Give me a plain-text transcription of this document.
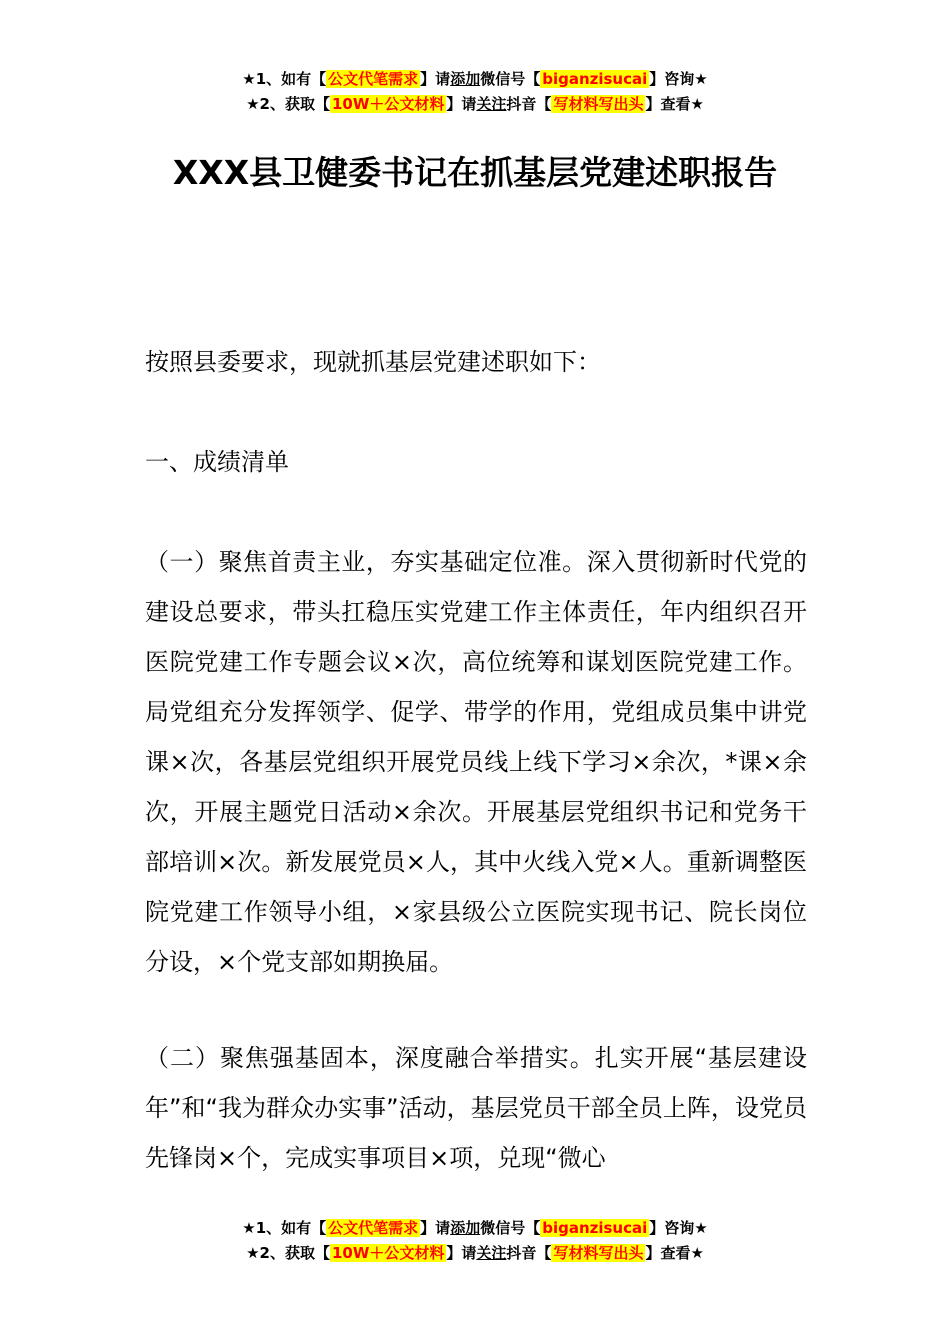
★1、如有【 公文代笔需求 】请添加微信号【 biganzisucai 】咨询★
★2、获取【 10W＋公文材料 】请关注抖音【 写材料写出头 】查看★
XXX县卫健委书记在抓基层党建述职报告
按照县委要求，现就抓基层党建述职如下：
一、成绩清单
（一）聚焦首责主业，夯实基础定位准。深入贯彻新时代党的建设总要求，带头扛稳压实党建工作主体责任，年内组织召开医院党建工作专题会议×次，高位统筹和谋划医院党建工作。局党组充分发挥领学、促学、带学的作用，党组成员集中讲党课×次，各基层党组织开展党员线上线下学习×余次，*课×余次，开展主题党日活动×余次。开展基层党组织书记和党务干部培训×次。新发展党员×人，其中火线入党×人。重新调整医院党建工作领导小组，×家县级公立医院实现书记、院长岗位分设，×个党支部如期换届。
（二）聚焦强基固本，深度融合举措实。扎实开展“基层建设年”和“我为群众办实事”活动，基层党员干部全员上阵，设党员先锋岗×个，完成实事项目×项，兑现“微心
★1、如有【 公文代笔需求 】请添加微信号【 biganzisucai 】咨询★
★2、获取【 10W＋公文材料 】请关注抖音【 写材料写出头 】查看★
